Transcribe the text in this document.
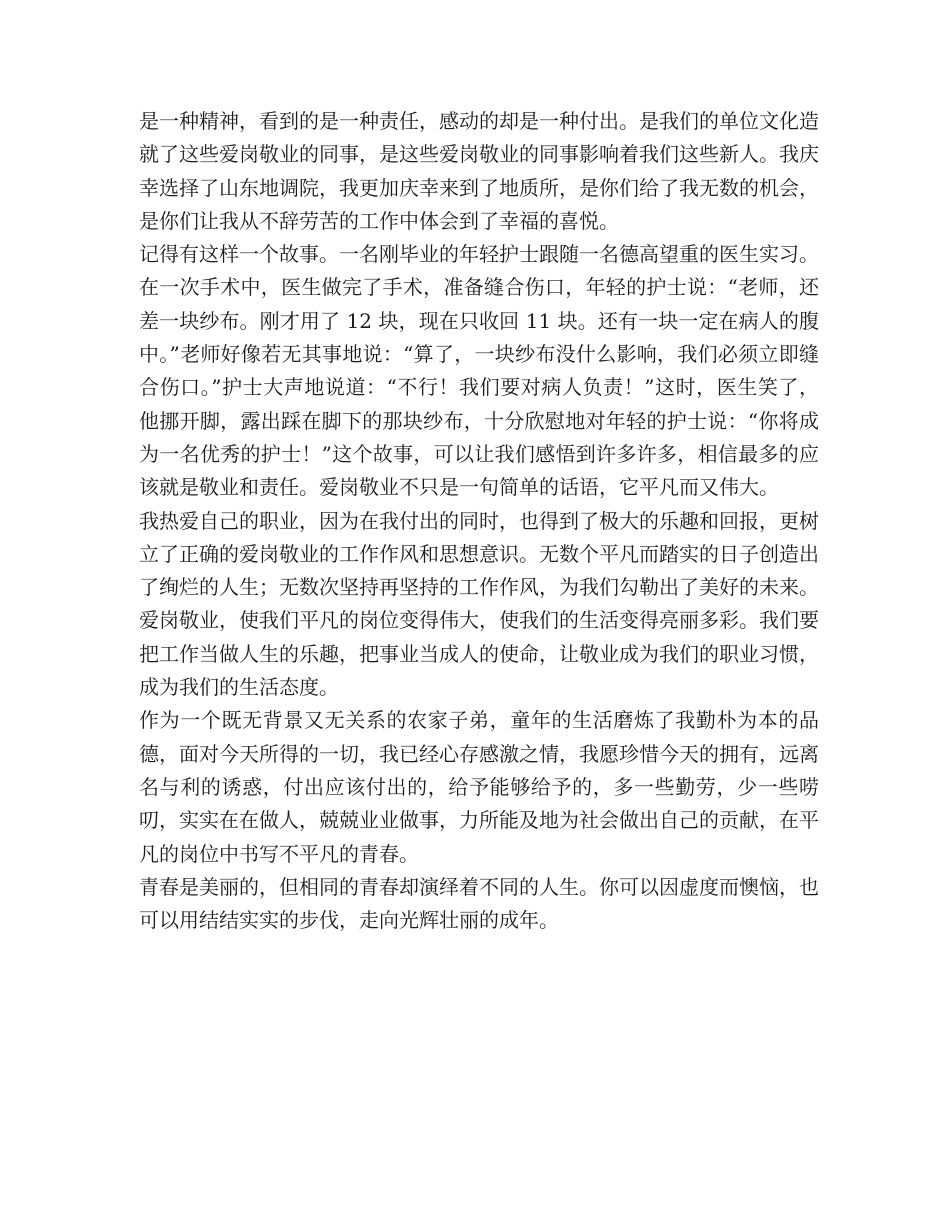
是一种精神，看到的是一种责任，感动的却是一种付出。是我们的单位文化造就了这些爱岗敬业的同事，是这些爱岗敬业的同事影响着我们这些新人。我庆幸选择了山东地调院，我更加庆幸来到了地质所，是你们给了我无数的机会，是你们让我从不辞劳苦的工作中体会到了幸福的喜悦。

记得有这样一个故事。一名刚毕业的年轻护士跟随一名德高望重的医生实习。在一次手术中，医生做完了手术，准备缝合伤口，年轻的护士说：“老师，还差一块纱布。刚才用了 12 块，现在只收回 11 块。还有一块一定在病人的腹中。”老师好像若无其事地说：“算了，一块纱布没什么影响，我们必须立即缝合伤口。”护士大声地说道：“不行！我们要对病人负责！”这时，医生笑了，他挪开脚，露出踩在脚下的那块纱布，十分欣慰地对年轻的护士说：“你将成为一名优秀的护士！”这个故事，可以让我们感悟到许多许多，相信最多的应该就是敬业和责任。爱岗敬业不只是一句简单的话语，它平凡而又伟大。

我热爱自己的职业，因为在我付出的同时，也得到了极大的乐趣和回报，更树立了正确的爱岗敬业的工作作风和思想意识。无数个平凡而踏实的日子创造出了绚烂的人生；无数次坚持再坚持的工作作风，为我们勾勒出了美好的未来。爱岗敬业，使我们平凡的岗位变得伟大，使我们的生活变得亮丽多彩。我们要把工作当做人生的乐趣，把事业当成人的使命，让敬业成为我们的职业习惯，成为我们的生活态度。

作为一个既无背景又无关系的农家子弟，童年的生活磨炼了我勤朴为本的品德，面对今天所得的一切，我已经心存感激之情，我愿珍惜今天的拥有，远离名与利的诱惑，付出应该付出的，给予能够给予的，多一些勤劳，少一些唠叨，实实在在做人，兢兢业业做事，力所能及地为社会做出自己的贡献，在平凡的岗位中书写不平凡的青春。

青春是美丽的，但相同的青春却演绎着不同的人生。你可以因虚度而懊恼，也可以用结结实实的步伐，走向光辉壮丽的成年。
